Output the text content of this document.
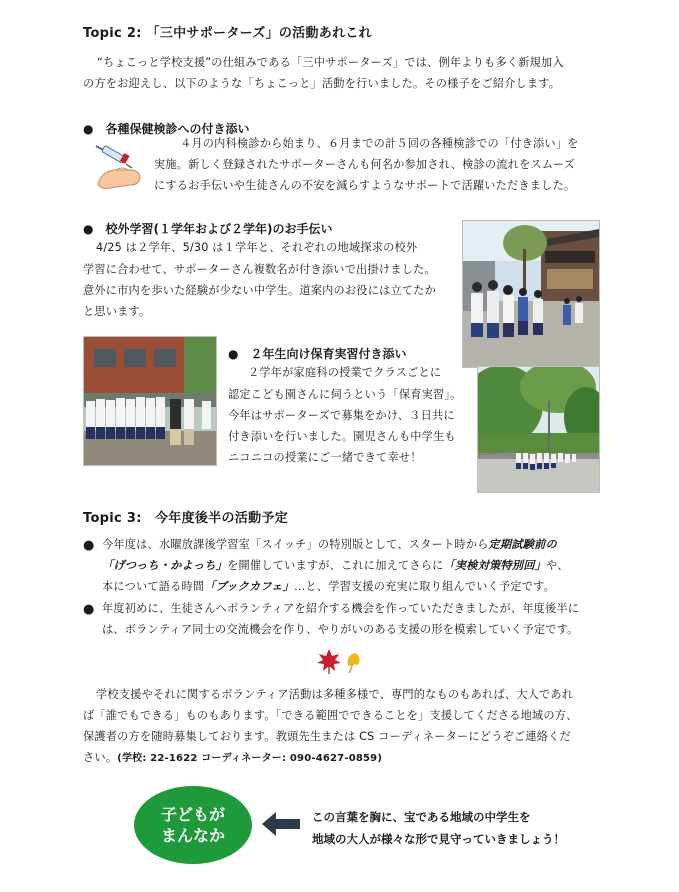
Topic 2: 「三中サポーターズ」の活動あれこれ
“ちょこっと学校支援”の仕組みである「三中サポーターズ」では、例年よりも多く新規加入
の方をお迎えし、以下のような「ちょこっと」活動を行いました。その様子をご紹介します。
●　各種保健検診への付き添い
４月の内科検診から始まり、６月までの計５回の各種検診での「付き添い」を
実施。新しく登録されたサポーターさんも何名か参加され、検診の流れをスムーズ
にするお手伝いや生徒さんの不安を減らすようなサポートで活躍いただきました。
●　校外学習(１学年および２学年)のお手伝い
4/25 は２学年、5/30 は１学年と、それぞれの地域探求の校外
学習に合わせて、サポーターさん複数名が付き添いで出掛けました。
意外に市内を歩いた経験が少ない中学生。道案内のお役には立てたか
と思います。
●　２年生向け保育実習付き添い
２学年が家庭科の授業でクラスごとに
認定こども園さんに伺うという「保育実習」。
今年はサポーターズで募集をかけ、３日共に
付き添いを行いました。園児さんも中学生も
ニコニコの授業にご一緒できて幸せ！
Topic 3:　今年度後半の活動予定
● 今年度は、水曜放課後学習室「スイッチ」の特別版として、スタート時から定期試験前の
「げつっち・かよっち」を開催していますが、これに加えてさらに「実検対策特別回」や、
本について語る時間「ブックカフェ」…と、学習支援の充実に取り組んでいく予定です。
● 年度初めに、生徒さんへボランティアを紹介する機会を作っていただきましたが、年度後半に
は、ボランティア同士の交流機会を作り、やりがいのある支援の形を模索していく予定です。
学校支援やそれに関するボランティア活動は多種多様で、専門的なものもあれば、大人であれ
ば「誰でもできる」ものもあります。「できる範囲でできることを」支援してくださる地域の方、
保護者の方を随時募集しております。教頭先生または CS コーディネーターにどうぞご連絡くだ
さい。(学校: 22-1622 コーディネーター: 090-4627-0859)
子どもが
まんなか
この言葉を胸に、宝である地域の中学生を
地域の大人が様々な形で見守っていきましょう！
